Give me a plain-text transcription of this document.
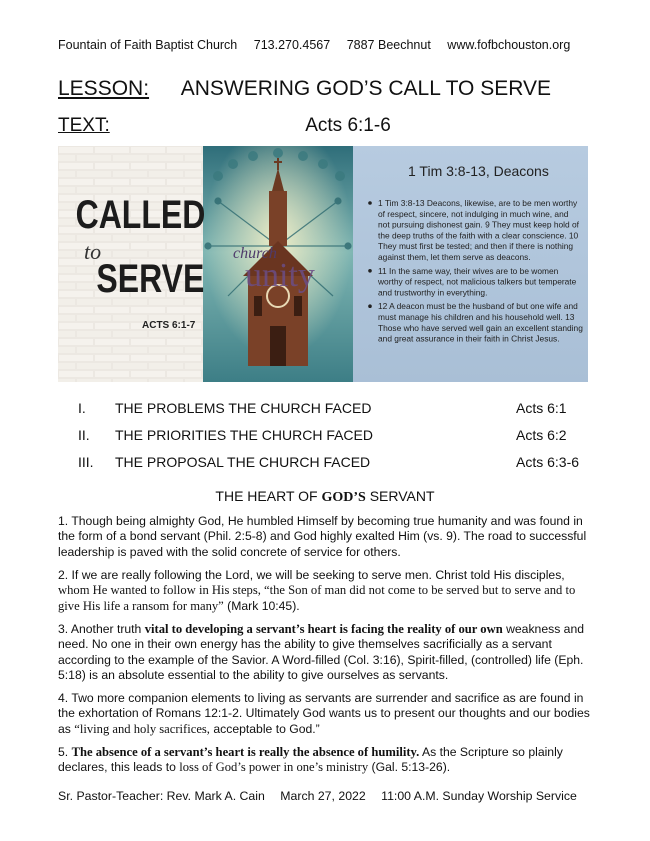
Fountain of Faith Baptist Church 713.270.4567 7887 Beechnut www.fofbchouston.org
LESSON: ANSWERING GOD’S CALL TO SERVE
TEXT:	Acts 6:1-6
CALLED
to
SERVE
ACTS 6:1-7
church
unity
1 Tim 3:8-13, Deacons
1 Tim 3:8-13 Deacons, likewise, are to be men worthy
of respect, sincere, not indulging in much wine, and
not pursuing dishonest gain. 9 They must keep hold of
the deep truths of the faith with a clear conscience. 10
They must first be tested; and then if there is nothing
against them, let them serve as deacons.
11 In the same way, their wives are to be women
worthy of respect, not malicious talkers but temperate
and trustworthy in everything.
12 A deacon must be the husband of but one wife and
must manage his children and his household well. 13
Those who have served well gain an excellent standing
and great assurance in their faith in Christ Jesus.
I. THE PROBLEMS THE CHURCH FACED	Acts 6:1
II. THE PRIORITIES THE CHURCH FACED	Acts 6:2
III. THE PROPOSAL THE CHURCH FACED	Acts 6:3-6
THE HEART OF GOD’S SERVANT
1. Though being almighty God, He humbled Himself by becoming true humanity and was found in the form of a bond servant (Phil. 2:5-8) and God highly exalted Him (vs. 9). The road to successful leadership is paved with the solid concrete of service for others.
2. If we are really following the Lord, we will be seeking to serve men. Christ told His disciples, whom He wanted to follow in His steps, “the Son of man did not come to be served but to serve and to give His life a ransom for many” (Mark 10:45).
3. Another truth vital to developing a servant’s heart is facing the reality of our own weakness and need. No one in their own energy has the ability to give themselves sacrificially as a servant according to the example of the Savior. A Word-filled (Col. 3:16), Spirit-filled, (controlled) life (Eph. 5:18) is an absolute essential to the ability to give ourselves as servants.
4. Two more companion elements to living as servants are surrender and sacrifice as are found in the exhortation of Romans 12:1-2. Ultimately God wants us to present our thoughts and our bodies as “living and holy sacrifices, acceptable to God.”
5. The absence of a servant’s heart is really the absence of humility. As the Scripture so plainly declares, this leads to loss of God’s power in one’s ministry (Gal. 5:13-26).
Sr. Pastor-Teacher: Rev. Mark A. Cain March 27, 2022 11:00 A.M. Sunday Worship Service
